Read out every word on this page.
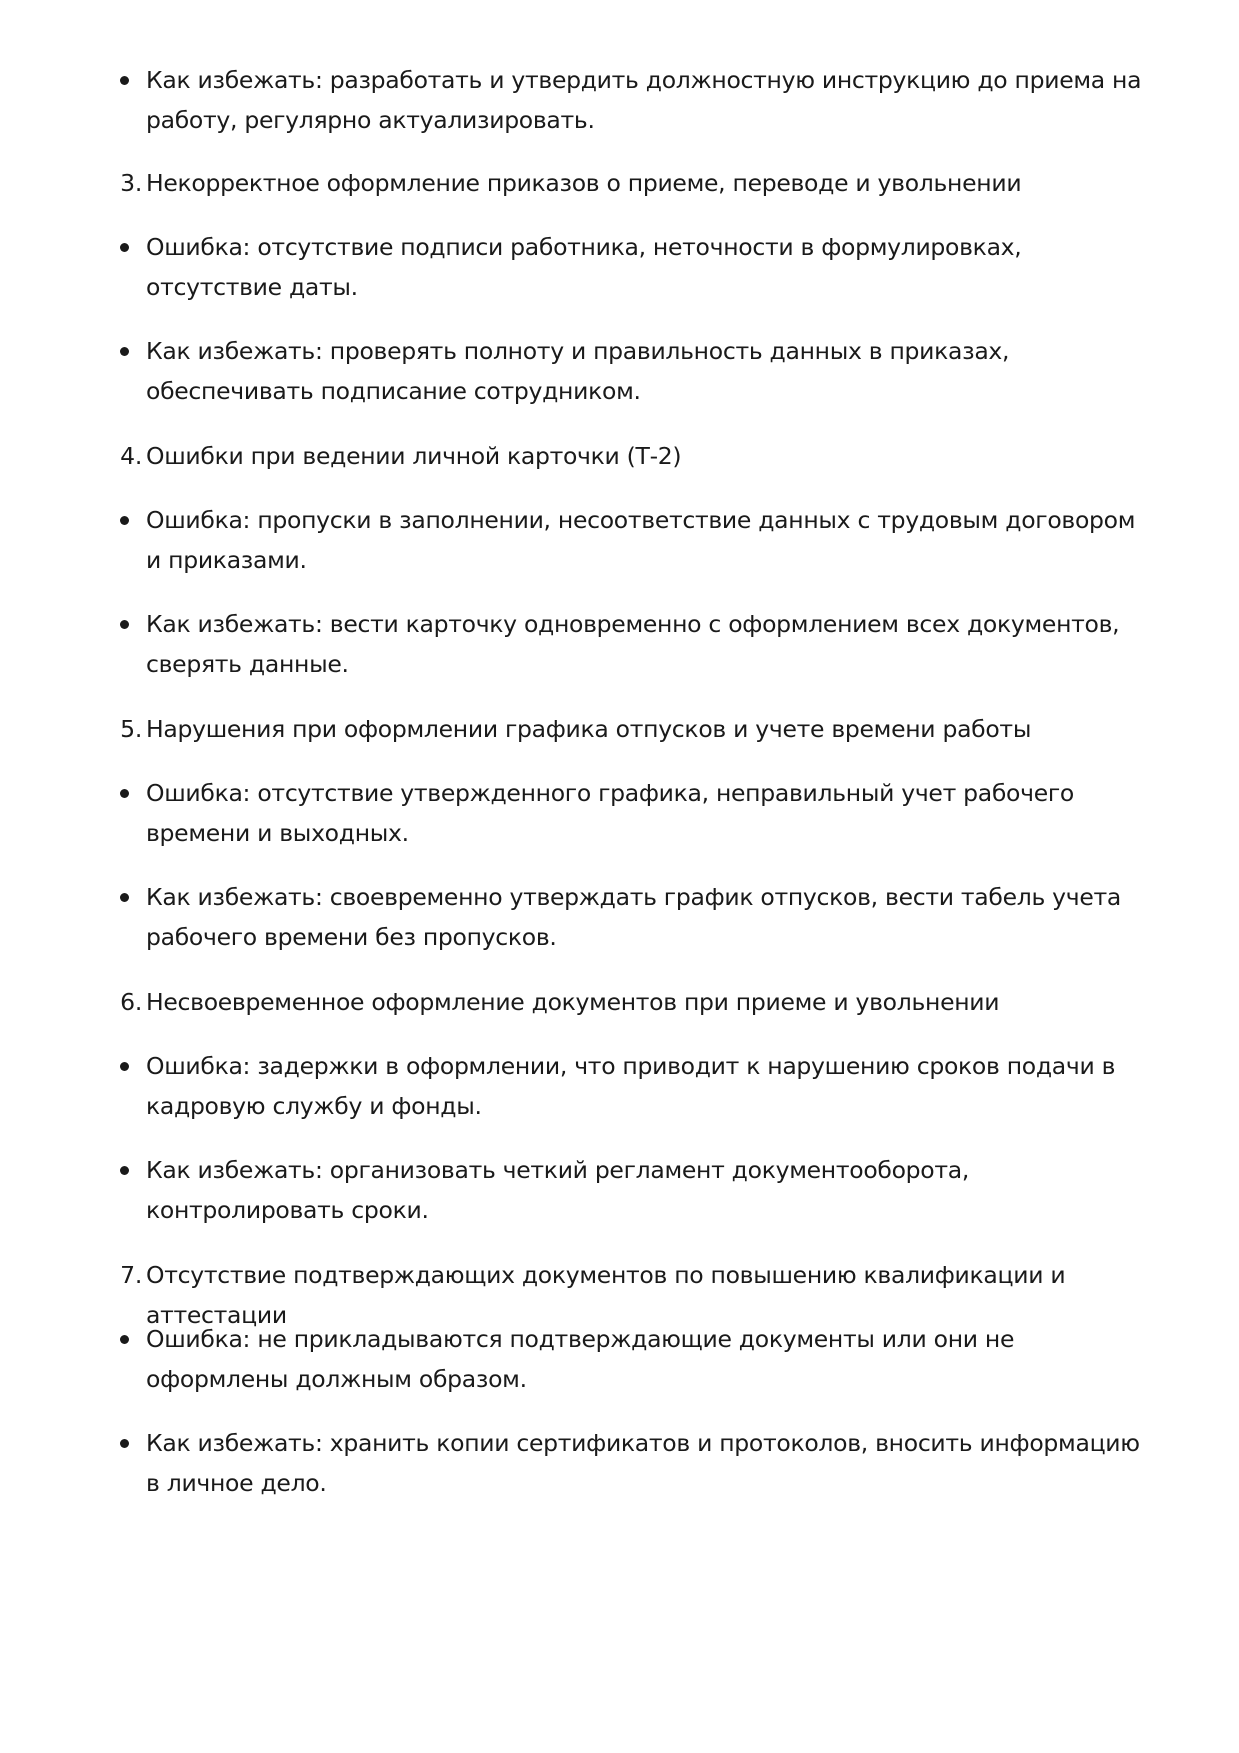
Как избежать: разработать и утвердить должностную инструкцию до приема на работу, регулярно актуализировать.
3. Некорректное оформление приказов о приеме, переводе и увольнении
Ошибка: отсутствие подписи работника, неточности в формулировках, отсутствие даты.
Как избежать: проверять полноту и правильность данных в приказах, обеспечивать подписание сотрудником.
4. Ошибки при ведении личной карточки (Т-2)
Ошибка: пропуски в заполнении, несоответствие данных с трудовым договором и приказами.
Как избежать: вести карточку одновременно с оформлением всех документов, сверять данные.
5. Нарушения при оформлении графика отпусков и учете времени работы
Ошибка: отсутствие утвержденного графика, неправильный учет рабочего времени и выходных.
Как избежать: своевременно утверждать график отпусков, вести табель учета рабочего времени без пропусков.
6. Несвоевременное оформление документов при приеме и увольнении
Ошибка: задержки в оформлении, что приводит к нарушению сроков подачи в кадровую службу и фонды.
Как избежать: организовать четкий регламент документооборота, контролировать сроки.
7. Отсутствие подтверждающих документов по повышению квалификации и аттестации
Ошибка: не прикладываются подтверждающие документы или они не оформлены должным образом.
Как избежать: хранить копии сертификатов и протоколов, вносить информацию в личное дело.
